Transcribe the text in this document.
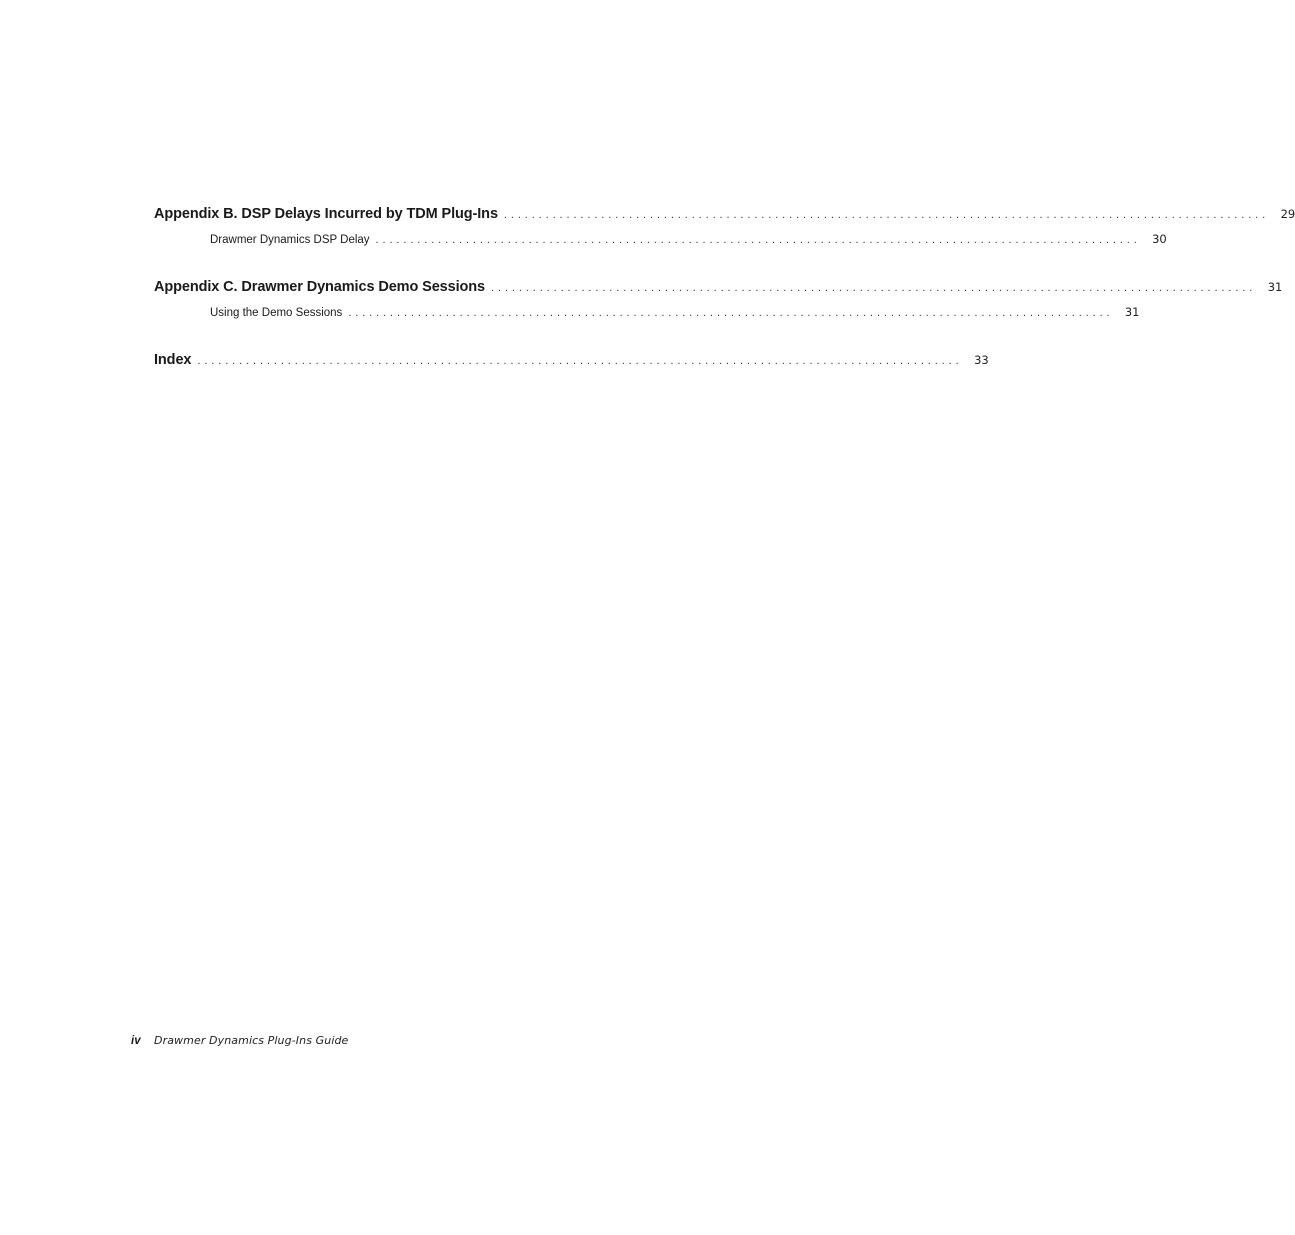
Appendix B. DSP Delays Incurred by TDM Plug-Ins ..............................................................................................................	29
Drawmer Dynamics DSP Delay .............................................................................................................. 30
Appendix C. Drawmer Dynamics Demo Sessions ..............................................................................................................	31
Using the Demo Sessions .............................................................................................................. 31
Index ..............................................................................................................	33
iv Drawmer Dynamics Plug-Ins Guide
